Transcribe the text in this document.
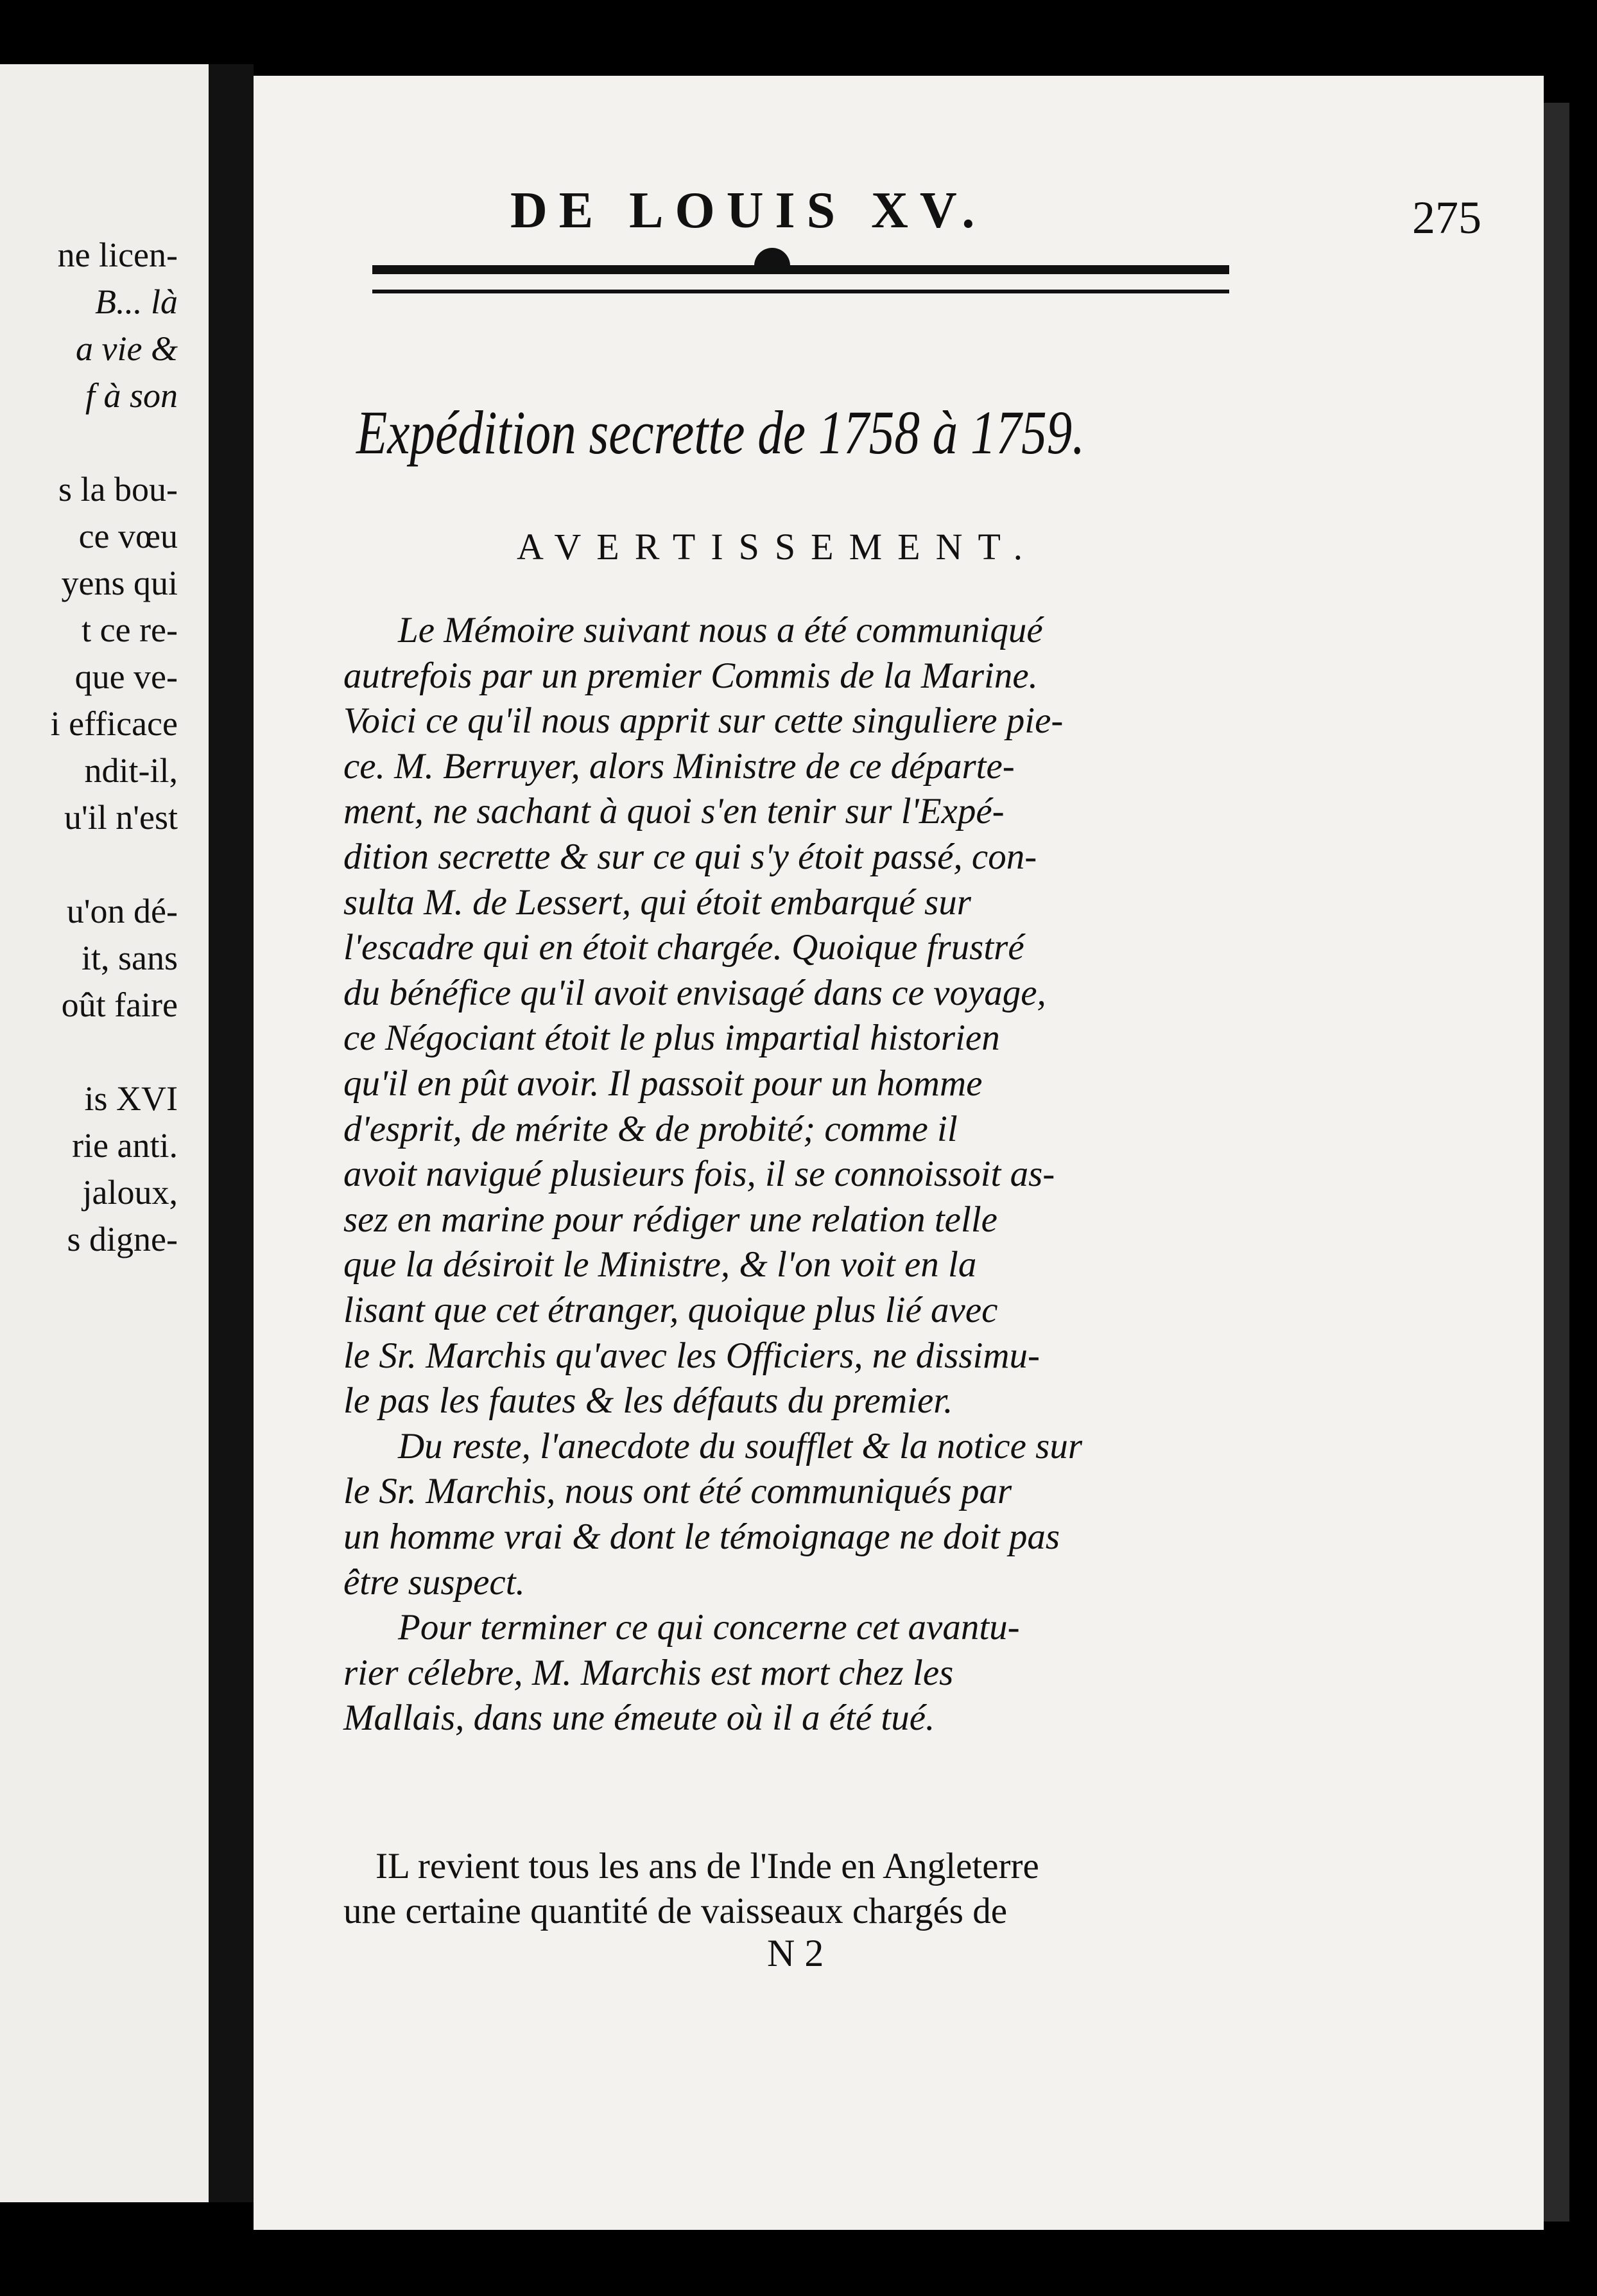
ne licen-
B... là
a vie &
f à son
s la bou-
ce vœu
yens qui
t ce re-
que ve-
i efficace
ndit-il,
u'il n'est
u'on dé-
it, sans
oût faire
is XVI
rie anti.
jaloux,
s digne-
DE LOUIS XV.	275
Expédition secrette de 1758 à 1759.
AVERTISSEMENT.
Le Mémoire suivant nous a été communiqué
autrefois par un premier Commis de la Marine.
Voici ce qu'il nous apprit sur cette singuliere pie-
ce. M. Berruyer, alors Ministre de ce départe-
ment, ne sachant à quoi s'en tenir sur l'Expé-
dition secrette & sur ce qui s'y étoit passé, con-
sulta M. de Lessert, qui étoit embarqué sur
l'escadre qui en étoit chargée. Quoique frustré
du bénéfice qu'il avoit envisagé dans ce voyage,
ce Négociant étoit le plus impartial historien
qu'il en pût avoir. Il passoit pour un homme
d'esprit, de mérite & de probité; comme il
avoit navigué plusieurs fois, il se connoissoit as-
sez en marine pour rédiger une relation telle
que la désiroit le Ministre, & l'on voit en la
lisant que cet étranger, quoique plus lié avec
le Sr. Marchis qu'avec les Officiers, ne dissimu-
le pas les fautes & les défauts du premier.
Du reste, l'anecdote du soufflet & la notice sur
le Sr. Marchis, nous ont été communiqués par
un homme vrai & dont le témoignage ne doit pas
être suspect.
Pour terminer ce qui concerne cet avantu-
rier célebre, M. Marchis est mort chez les
Mallais, dans une émeute où il a été tué.
IL revient tous les ans de l'Inde en Angleterre
une certaine quantité de vaisseaux chargés de
N 2
